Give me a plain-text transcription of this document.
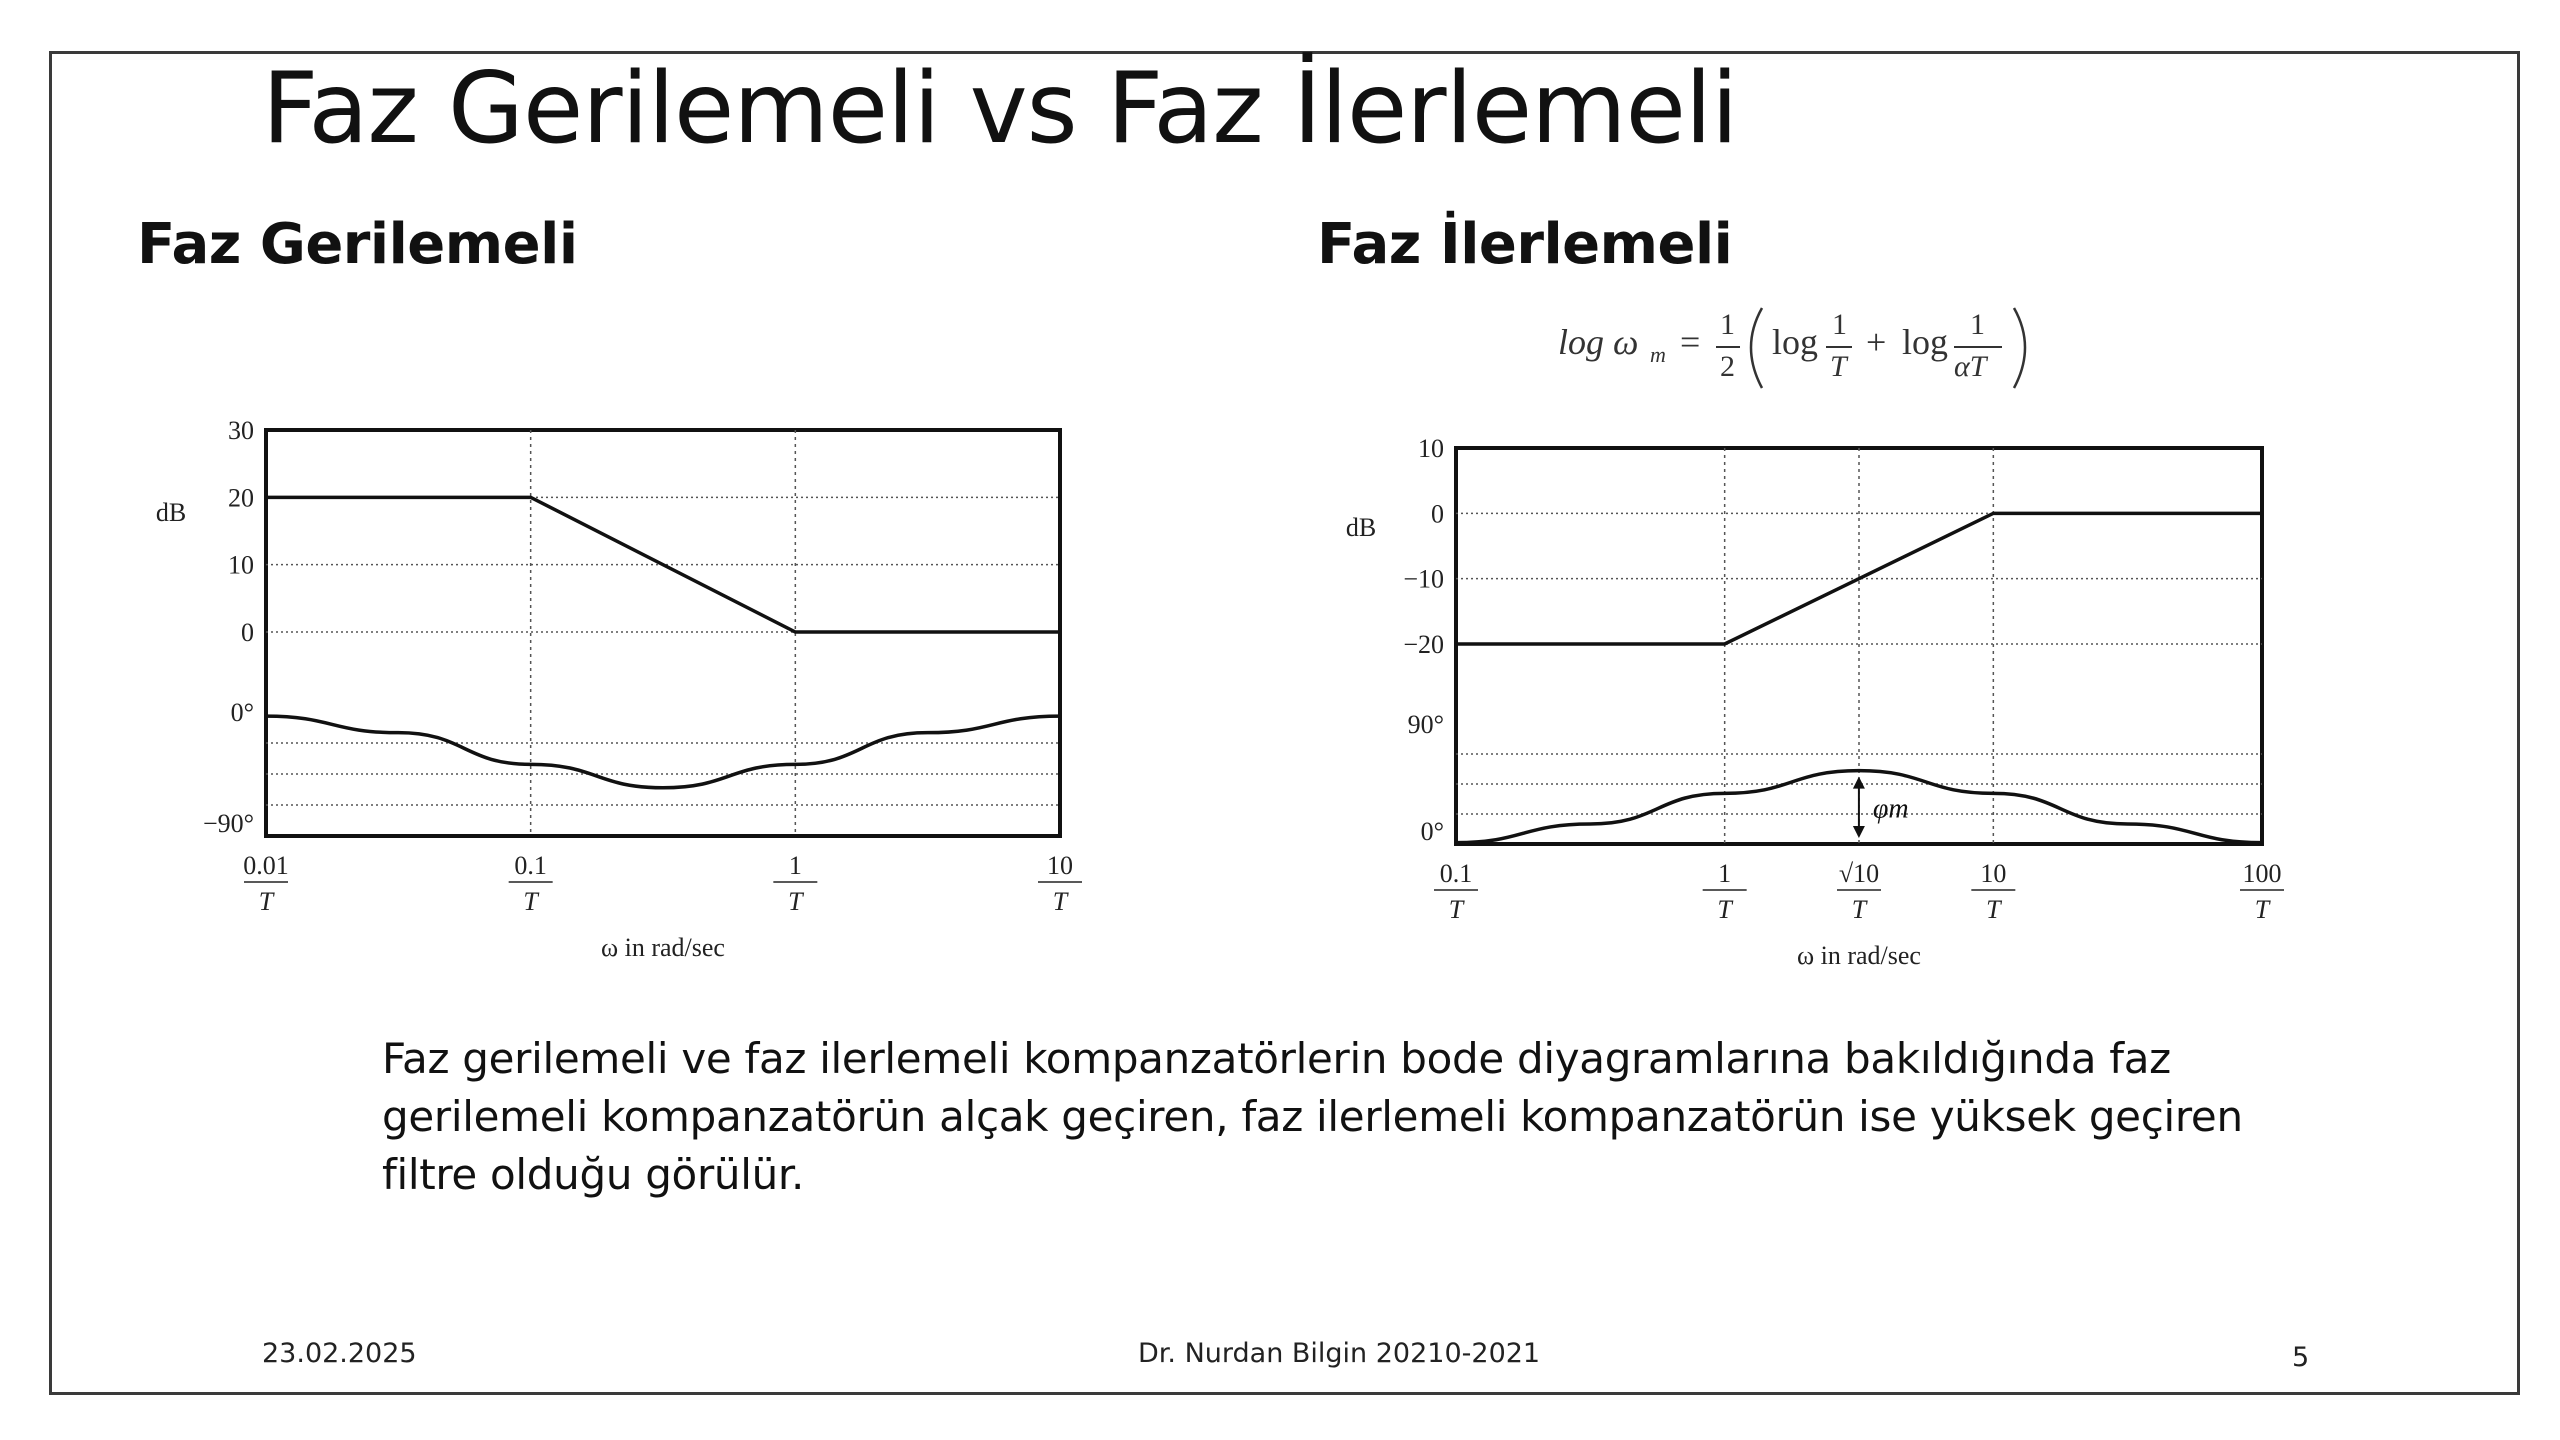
Faz Gerilemeli vs Faz İlerlemeli
Faz Gerilemeli	Faz İlerlemeli
log ω m = 1
2
log 1
T
+ log 1
αT
30
20
10
0
0°
−90°
0.01
T
0.1
T
1
T
10
T
dB
ω in rad/sec
10
0
−10
−20
90°
0°
0.1
T
1
T
√10
T
10
T
100
T
dB
ω in rad/sec
φm
Faz gerilemeli ve faz ilerlemeli kompanzatörlerin bode diyagramlarına bakıldığında faz gerilemeli kompanzatörün alçak geçiren, faz ilerlemeli kompanzatörün ise yüksek geçiren filtre olduğu görülür.
23.02.2025	Dr. Nurdan Bilgin 20210-2021	5
